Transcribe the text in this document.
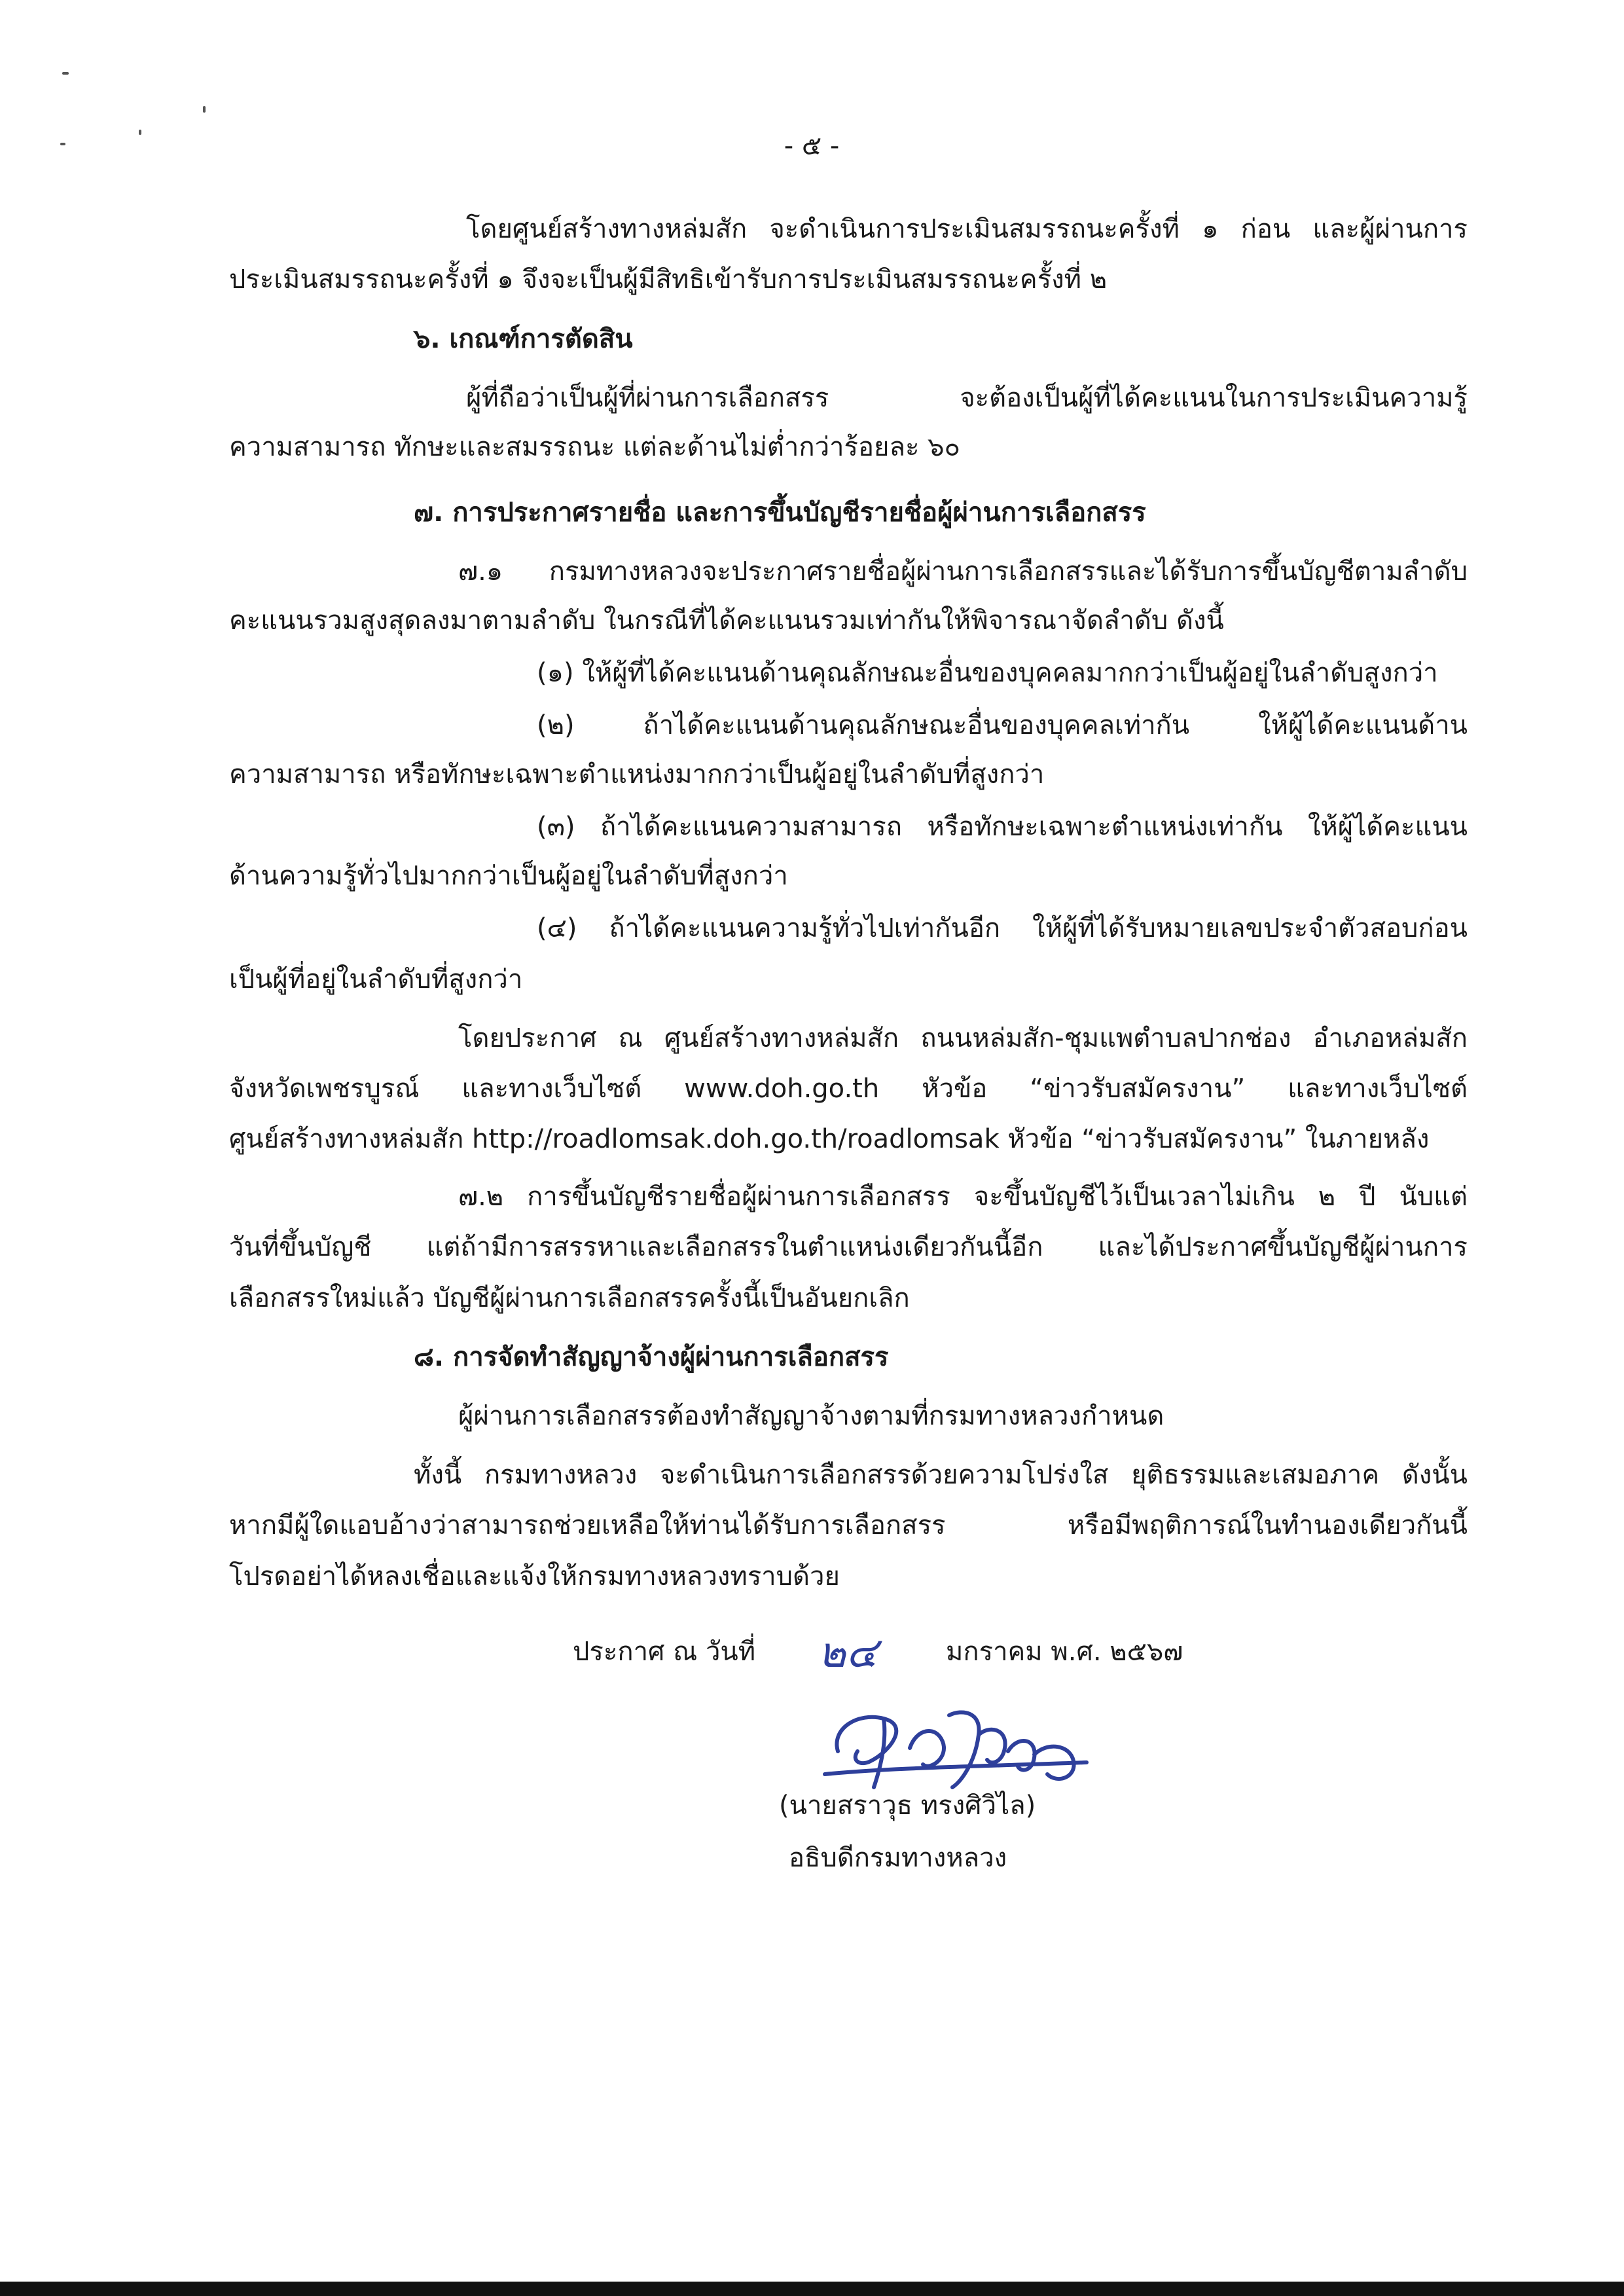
- ๕ -
โดยศูนย์สร้างทางหล่มสัก จะดำเนินการประเมินสมรรถนะครั้งที่ ๑ ก่อน และผู้ผ่านการ
ประเมินสมรรถนะครั้งที่ ๑ จึงจะเป็นผู้มีสิทธิเข้ารับการประเมินสมรรถนะครั้งที่ ๒
๖. เกณฑ์การตัดสิน
ผู้ที่ถือว่าเป็นผู้ที่ผ่านการเลือกสรร จะต้องเป็นผู้ที่ได้คะแนนในการประเมินความรู้
ความสามารถ ทักษะและสมรรถนะ แต่ละด้านไม่ต่ำกว่าร้อยละ ๖๐
๗. การประกาศรายชื่อ และการขึ้นบัญชีรายชื่อผู้ผ่านการเลือกสรร
๗.๑ กรมทางหลวงจะประกาศรายชื่อผู้ผ่านการเลือกสรรและได้รับการขึ้นบัญชีตามลำดับ
คะแนนรวมสูงสุดลงมาตามลำดับ ในกรณีที่ได้คะแนนรวมเท่ากันให้พิจารณาจัดลำดับ ดังนี้
(๑) ให้ผู้ที่ได้คะแนนด้านคุณลักษณะอื่นของบุคคลมากกว่าเป็นผู้อยู่ในลำดับสูงกว่า
(๒) ถ้าได้คะแนนด้านคุณลักษณะอื่นของบุคคลเท่ากัน ให้ผู้ได้คะแนนด้าน
ความสามารถ หรือทักษะเฉพาะตำแหน่งมากกว่าเป็นผู้อยู่ในลำดับที่สูงกว่า
(๓) ถ้าได้คะแนนความสามารถ หรือทักษะเฉพาะตำแหน่งเท่ากัน ให้ผู้ได้คะแนน
ด้านความรู้ทั่วไปมากกว่าเป็นผู้อยู่ในลำดับที่สูงกว่า
(๔) ถ้าได้คะแนนความรู้ทั่วไปเท่ากันอีก ให้ผู้ที่ได้รับหมายเลขประจำตัวสอบก่อน
เป็นผู้ที่อยู่ในลำดับที่สูงกว่า
โดยประกาศ ณ ศูนย์สร้างทางหล่มสัก ถนนหล่มสัก-ชุมแพตำบลปากช่อง อำเภอหล่มสัก
จังหวัดเพชรบูรณ์ และทางเว็บไซต์ www.doh.go.th หัวข้อ “ข่าวรับสมัครงาน” และทางเว็บไซต์
ศูนย์สร้างทางหล่มสัก http://roadlomsak.doh.go.th/roadlomsak หัวข้อ “ข่าวรับสมัครงาน” ในภายหลัง
๗.๒ การขึ้นบัญชีรายชื่อผู้ผ่านการเลือกสรร จะขึ้นบัญชีไว้เป็นเวลาไม่เกิน ๒ ปี นับแต่
วันที่ขึ้นบัญชี แต่ถ้ามีการสรรหาและเลือกสรรในตำแหน่งเดียวกันนี้อีก และได้ประกาศขึ้นบัญชีผู้ผ่านการ
เลือกสรรใหม่แล้ว บัญชีผู้ผ่านการเลือกสรรครั้งนี้เป็นอันยกเลิก
๘. การจัดทำสัญญาจ้างผู้ผ่านการเลือกสรร
ผู้ผ่านการเลือกสรรต้องทำสัญญาจ้างตามที่กรมทางหลวงกำหนด
ทั้งนี้ กรมทางหลวง จะดำเนินการเลือกสรรด้วยความโปร่งใส ยุติธรรมและเสมอภาค ดังนั้น
หากมีผู้ใดแอบอ้างว่าสามารถช่วยเหลือให้ท่านได้รับการเลือกสรร หรือมีพฤติการณ์ในทำนองเดียวกันนี้
โปรดอย่าได้หลงเชื่อและแจ้งให้กรมทางหลวงทราบด้วย
ประกาศ ณ วันที่ ๒๔	มกราคม พ.ศ. ๒๕๖๗
(นายสราวุธ ทรงศิวิไล)
อธิบดีกรมทางหลวง
